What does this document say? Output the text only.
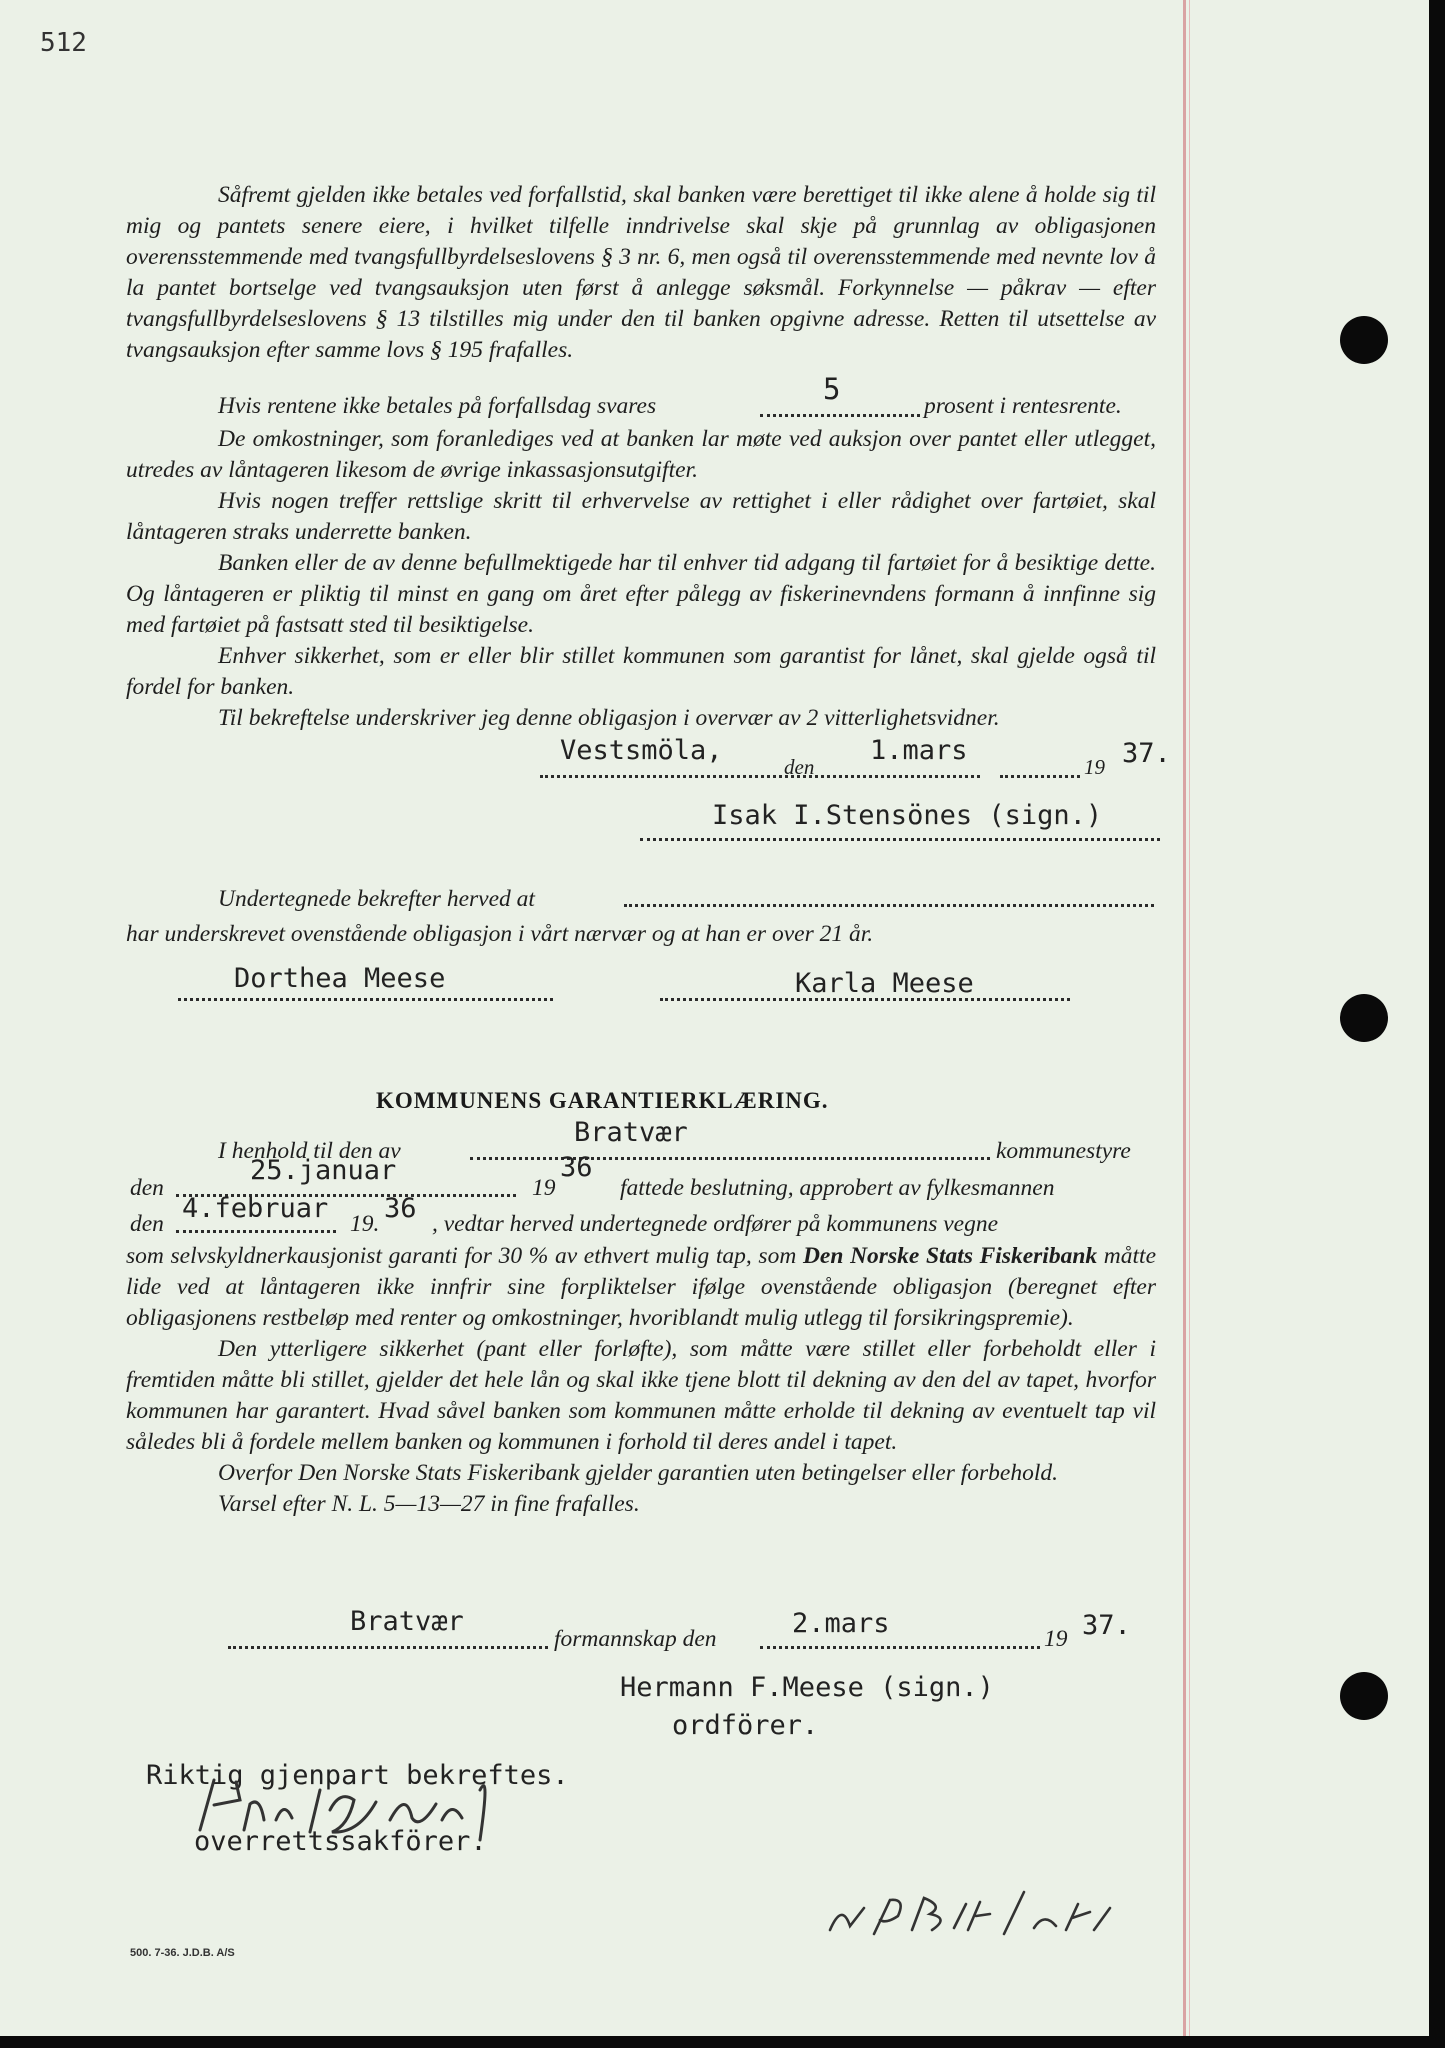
512

Såfremt gjelden ikke betales ved forfallstid, skal banken være berettiget til ikke alene å holde sig til mig og pantets senere eiere, i hvilket tilfelle inndrivelse skal skje på grunnlag av obligasjonen overensstemmende med tvangsfullbyrdelseslovens § 3 nr. 6, men også til overensstemmende med nevnte lov å la pantet bortselge ved tvangsauksjon uten først å anlegge søksmål. Forkynnelse — påkrav — efter tvangsfullbyrdelseslovens § 13 tilstilles mig under den til banken opgivne adresse. Retten til utsettelse av tvangsauksjon efter samme lovs § 195 frafalles.

Hvis rentene ikke betales på forfallsdag svares	5	prosent i rentesrente.

De omkostninger, som foranlediges ved at banken lar møte ved auksjon over pantet eller utlegget, utredes av låntageren likesom de øvrige inkassasjonsutgifter.

Hvis nogen treffer rettslige skritt til erhvervelse av rettighet i eller rådighet over fartøiet, skal låntageren straks underrette banken.

Banken eller de av denne befullmektigede har til enhver tid adgang til fartøiet for å besiktige dette. Og låntageren er pliktig til minst en gang om året efter pålegg av fiskerinevndens formann å innfinne sig med fartøiet på fastsatt sted til besiktigelse.

Enhver sikkerhet, som er eller blir stillet kommunen som garantist for lånet, skal gjelde også til fordel for banken.

Til bekreftelse underskriver jeg denne obligasjon i overvær av 2 vitterlighetsvidner.

Vestsmöla,
den
1.mars
19 37.
Isak I.Stensönes (sign.)
Undertegnede bekrefter herved at
har underskrevet ovenstående obligasjon i vårt nærvær og at han er over 21 år.
Dorthea Meese	Karla Meese
KOMMUNENS GARANTIERKLÆRING.
I henhold til den av
Bratvær
kommunestyre
den
25.januar
19
36
fattede beslutning, approbert av fylkesmannen
den 4.februar 19. 36 , vedtar herved undertegnede ordfører på kommunens vegne

som selvskyldnerkausjonist garanti for 30 % av ethvert mulig tap, som Den Norske Stats Fiskeribank måtte lide ved at låntageren ikke innfrir sine forpliktelser ifølge ovenstående obligasjon (beregnet efter obligasjonens restbeløp med renter og omkostninger, hvoriblandt mulig utlegg til forsikringspremie).

Den ytterligere sikkerhet (pant eller forløfte), som måtte være stillet eller forbeholdt eller i fremtiden måtte bli stillet, gjelder det hele lån og skal ikke tjene blott til dekning av den del av tapet, hvorfor kommunen har garantert. Hvad såvel banken som kommunen måtte erholde til dekning av eventuelt tap vil således bli å fordele mellem banken og kommunen i forhold til deres andel i tapet.

Overfor Den Norske Stats Fiskeribank gjelder garantien uten betingelser eller forbehold.

Varsel efter N. L. 5—13—27 in fine frafalles.

Bratvær
formannskap den	2.mars	19 37.
Hermann F.Meese (sign.)
ordförer.
Riktig gjenpart bekreftes.
overrettssakförer.
500. 7-36. J.D.B. A/S
